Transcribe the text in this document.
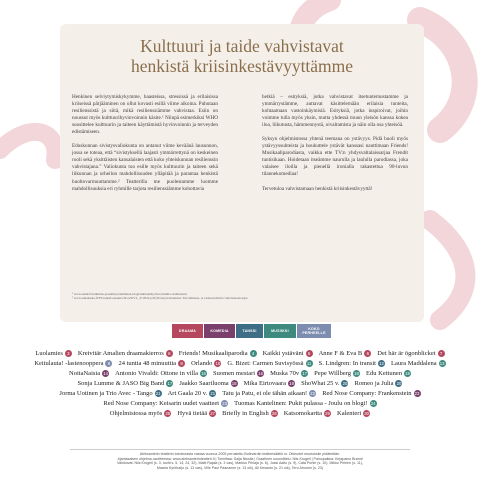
Kulttuuri ja taide vahvistavat
henkistä kriisinkestävyyttämme

Henkinen selviytymiskykymme, haasteissa, stressissä ja erilaisissa kriiseissä pärjääminen on ollut kovasti esillä viime aikoina. Puhutaan resilienssistä ja siitä, mikä resilienssiämme vahvistaa. Esiin on noussut myös kulttuurihyvinvoinnin käsite.¹ Niinpä esimerkiksi WHO suosittelee kulttuurin ja taiteen käyttämistä hyvinvoinnin ja terveyden edistämiseen.

Eduskunnan sivistysvaliokunta on antanut viime keväänä lausunnon, jossa se toteaa, että “sivistyksellä laajasti ymmärrettynä on keskeinen rooli sekä yksittäisten kansalaisten että koko yhteiskunnan resilienssin vahvistajana.” Valiokunta tuo esille myös kulttuurin ja taiteen sekä liikunnan ja urheilun mahdollisuuden ylläpitää ja parantaa henkistä huoltovarmuuttamme.² Teatterilla me puolestamme luomme mahdollisuuksia eri ryhmille tarjota resilienssiämme kohottavia

hetkiä – esityksiä, jotka vahvistavat itsetuntemustamme ja ymmärrystämme, auttavat käsittelemään erilaisia tunteita, kohtaamaan vastoinkäymisiä. Esityksiä, jotka inspiroivat, joihin voimme tulla myös yksin, mutta yhdessä muun yleisön kanssa kokea iloa, liikutusta, hämmennystä, oivaltamista ja näin olla osa yhteisöä.

Syksyn ohjelmistossa yhtenä teemana on ystävyys. Pidä huoli myös ystävyyssuhteista ja houkuttele ystävät kanssasi nauttimaan Friends! Musikaaliparodiasta, vaikka ette TV:n yhdysvaltalaissarjaa Frendit tuntisikaan. Hoidetaan itseämme naurulla ja laululla parodiassa, joka valaisee iloilla ja pienellä ironialla rakastettua 90-luvun tilannekomediaa!

Tervetuloa vahvistamaan henkistä kriisinkestävyyttä!

¹ www.samk.fi/tutkimus-ja-kehitystoiminnan-blogi/kulttuurihyvinvoinnilla-resilienssia/
² www.eduskunta.fi/FI/vaski/Lausunto/Sivu/SiVL_4+2022.pdf (Sivistysvaliokunta: Turvallisuus- ja vastuuvaltioita vahvistetaan.aspx
DRAAMA	KOMEDIA	TANSSI	MUSIIKKI	KOKO PERHEELLE
Luolamies 3	Kreivitär Amalien draamakierros 6	Friends! Musikaaliparodia 4	Kaikki ystäväni 6	Anne F & Eva B 6	Det här är ögonblicket 7
Keitulauta! -lastenooppera 8	24 tuntia 48 minuuttia 9	Orlando 10 G. Bizet: Carmen Suvisyössä 11 S. Lindgren: In transit 12 Laura Maddalena 13
NoitaNaisia 14 Antonio Vivaldi: Ottone in villa 15 Suomen mestari 16 Muska 70v 17 Pepe Willberg 18 Edu Kettunen 19
Sonja Lumme & JASO Big Band 17 Jaakko Saariluoma 18 Mika Eirtovaara 19 ShoWhat 25 v. 20 Romeo ja Julia 20
Jorma Uotinen ja Trio Avec - Tango 21 Art Gaala 20 v. 21 Tatu ja Patu, ei ole tähän aikaan! 22 Red Nose Company: Frankenstein 23
Red Nose Company: Keisarin uudet vaatteet 23 Tuomas Kantelinen: Pukit pulassa - Joulu on blogi! 24
Ohjelmistossa myös 25 Hyvä tietää 27 Briefly in English 28 Katsomokartta 29 Kalenteri 30
Aleksanterin teatterin toiminnasta vastaa vuonna 2005 perustettu Bulevardin teatterisäätiö sr. Oikeudet muutoksiin pidätetään.
Ajantasaisen ohjelma osoitteessa: www.aleksanterinteatteri.fi | Toimittaa: Saija Nissila | Graafinen suunnittelu: Nils Krogell | Painopaikka: Kirjapaino Brandi
Valokuvat: Nils Krogell (s. 3, tuotti s. 5, 14, 24, 32), Matti Rajala (s. 3 vas), Markku Pihlaja (s. 6), Jussi Aalto (s. 9), Cata Portin (s. 10), Mikko Pirinen (s. 11),
Maaria Kyröharju (s. 13 vas), Ville Paul Paananen (s. 13 oik), Ali Kesanto (s. 21 oik), Tero Ahonen (s. 23)
